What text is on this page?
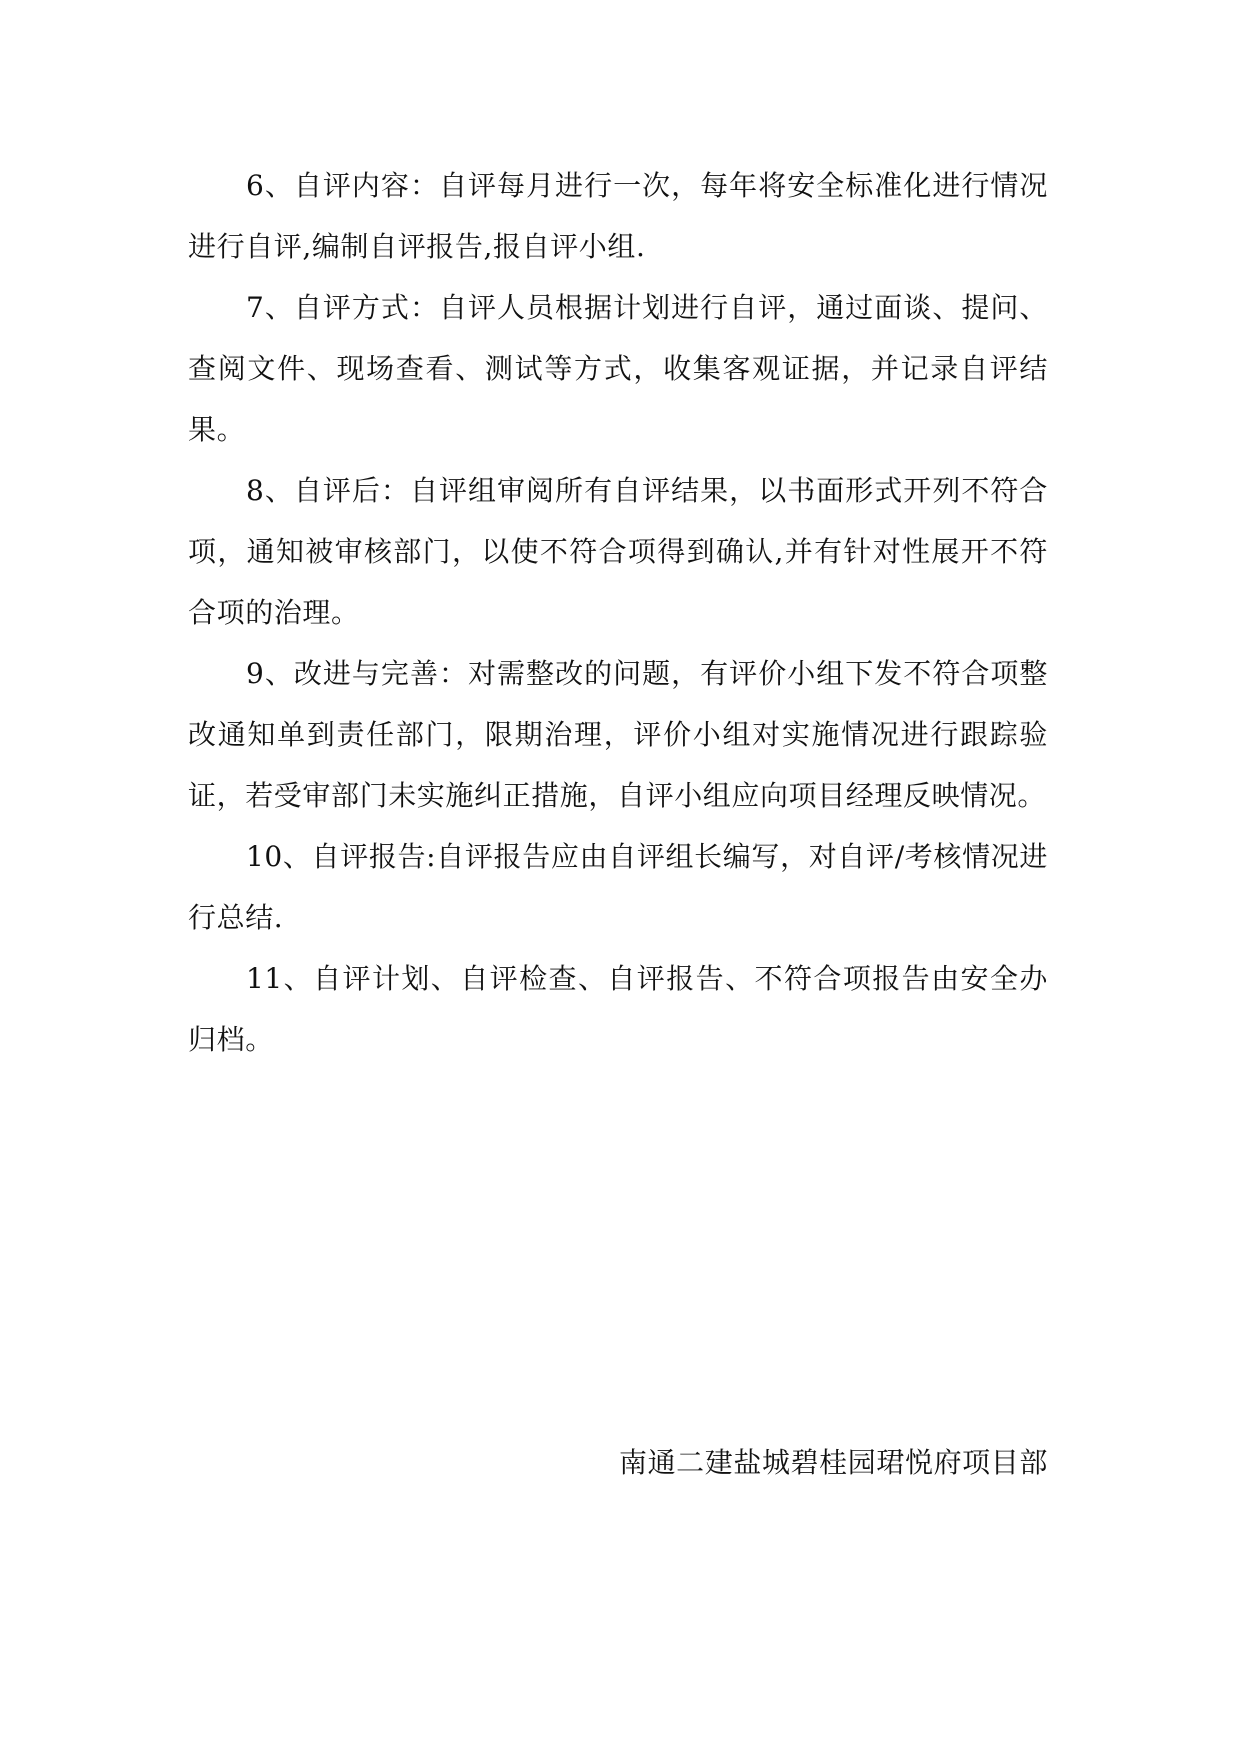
6、自评内容：自评每月进行一次，每年将安全标准化进行情况进行自评,编制自评报告,报自评小组.

7、自评方式：自评人员根据计划进行自评，通过面谈、提问、查阅文件、现场查看、测试等方式，收集客观证据，并记录自评结果。

8、自评后：自评组审阅所有自评结果，以书面形式开列不符合项，通知被审核部门，以使不符合项得到确认,并有针对性展开不符合项的治理。

9、改进与完善：对需整改的问题，有评价小组下发不符合项整改通知单到责任部门，限期治理，评价小组对实施情况进行跟踪验证，若受审部门未实施纠正措施，自评小组应向项目经理反映情况。

10、自评报告:自评报告应由自评组长编写，对自评/考核情况进行总结.

11、自评计划、自评检查、自评报告、不符合项报告由安全办归档。

南通二建盐城碧桂园珺悦府项目部
